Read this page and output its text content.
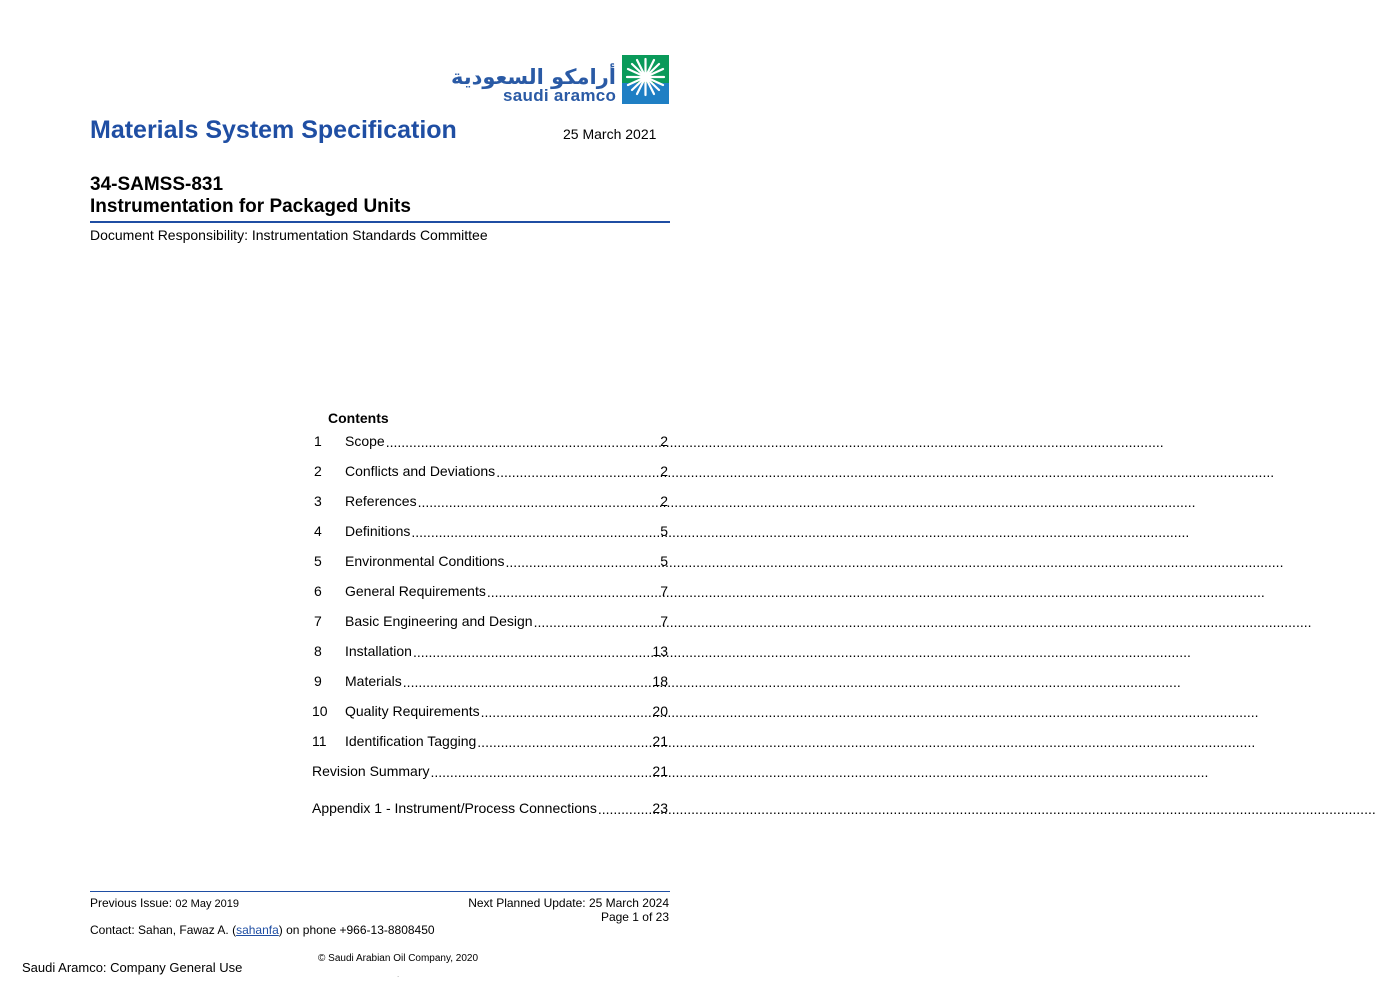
أرامكو السعودية
saudi aramco
Materials System Specification	25 March 2021
34-SAMSS-831
Instrumentation for Packaged Units
Document Responsibility: Instrumentation Standards Committee
Contents
1	Scope .....	2
2	Conflicts and Deviations .....	2
3	References .....	2
4	Definitions .....	5
5	Environmental Conditions .....	5
6	General Requirements .....	7
7	Basic Engineering and Design .....	7
8	Installation .....	13
9	Materials .....	18
10	Quality Requirements .....	20
11	Identification Tagging .....	21
Revision Summary .....	21
Appendix 1 - Instrument/Process Connections .....	23
Previous Issue: 02 May 2019	Next Planned Update: 25 March 2024
Page 1 of 23
Contact: Sahan, Fawaz A. (sahanfa) on phone +966-13-8808450
© Saudi Arabian Oil Company, 2020
Saudi Aramco: Company General Use	.
